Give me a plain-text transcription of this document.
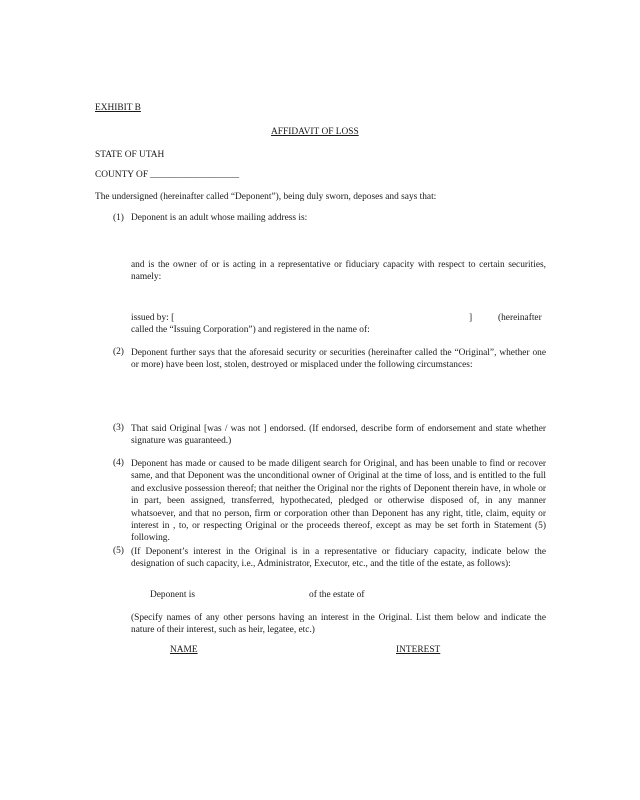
EXHIBIT B
AFFIDAVIT OF LOSS
STATE OF UTAH
COUNTY OF ___________________
The undersigned (hereinafter called “Deponent”), being duly sworn, deposes and says that:
(1) Deponent is an adult whose mailing address is:
and is the owner of or is acting in a representative or fiduciary capacity with respect to certain securities, namely:
issued by: [	]	(hereinafter
called the “Issuing Corporation”) and registered in the name of:
(2) Deponent further says that the aforesaid security or securities (hereinafter called the “Original”, whether one or more) have been lost, stolen, destroyed or misplaced under the following circumstances:
(3) That said Original [was / was not ] endorsed. (If endorsed, describe form of endorsement and state whether signature was guaranteed.)
(4) Deponent has made or caused to be made diligent search for Original, and has been unable to find or recover same, and that Deponent was the unconditional owner of Original at the time of loss, and is entitled to the full and exclusive possession thereof; that neither the Original nor the rights of Deponent therein have, in whole or in part, been assigned, transferred, hypothecated, pledged or otherwise disposed of, in any manner whatsoever, and that no person, firm or corporation other than Deponent has any right, title, claim, equity or interest in , to, or respecting Original or the proceeds thereof, except as may be set forth in Statement (5) following.
(5) (If Deponent’s interest in the Original is in a representative or fiduciary capacity, indicate below the designation of such capacity, i.e., Administrator, Executor, etc., and the title of the estate, as follows):
Deponent is	of the estate of
(Specify names of any other persons having an interest in the Original. List them below and indicate the nature of their interest, such as heir, legatee, etc.)
NAME	INTEREST
